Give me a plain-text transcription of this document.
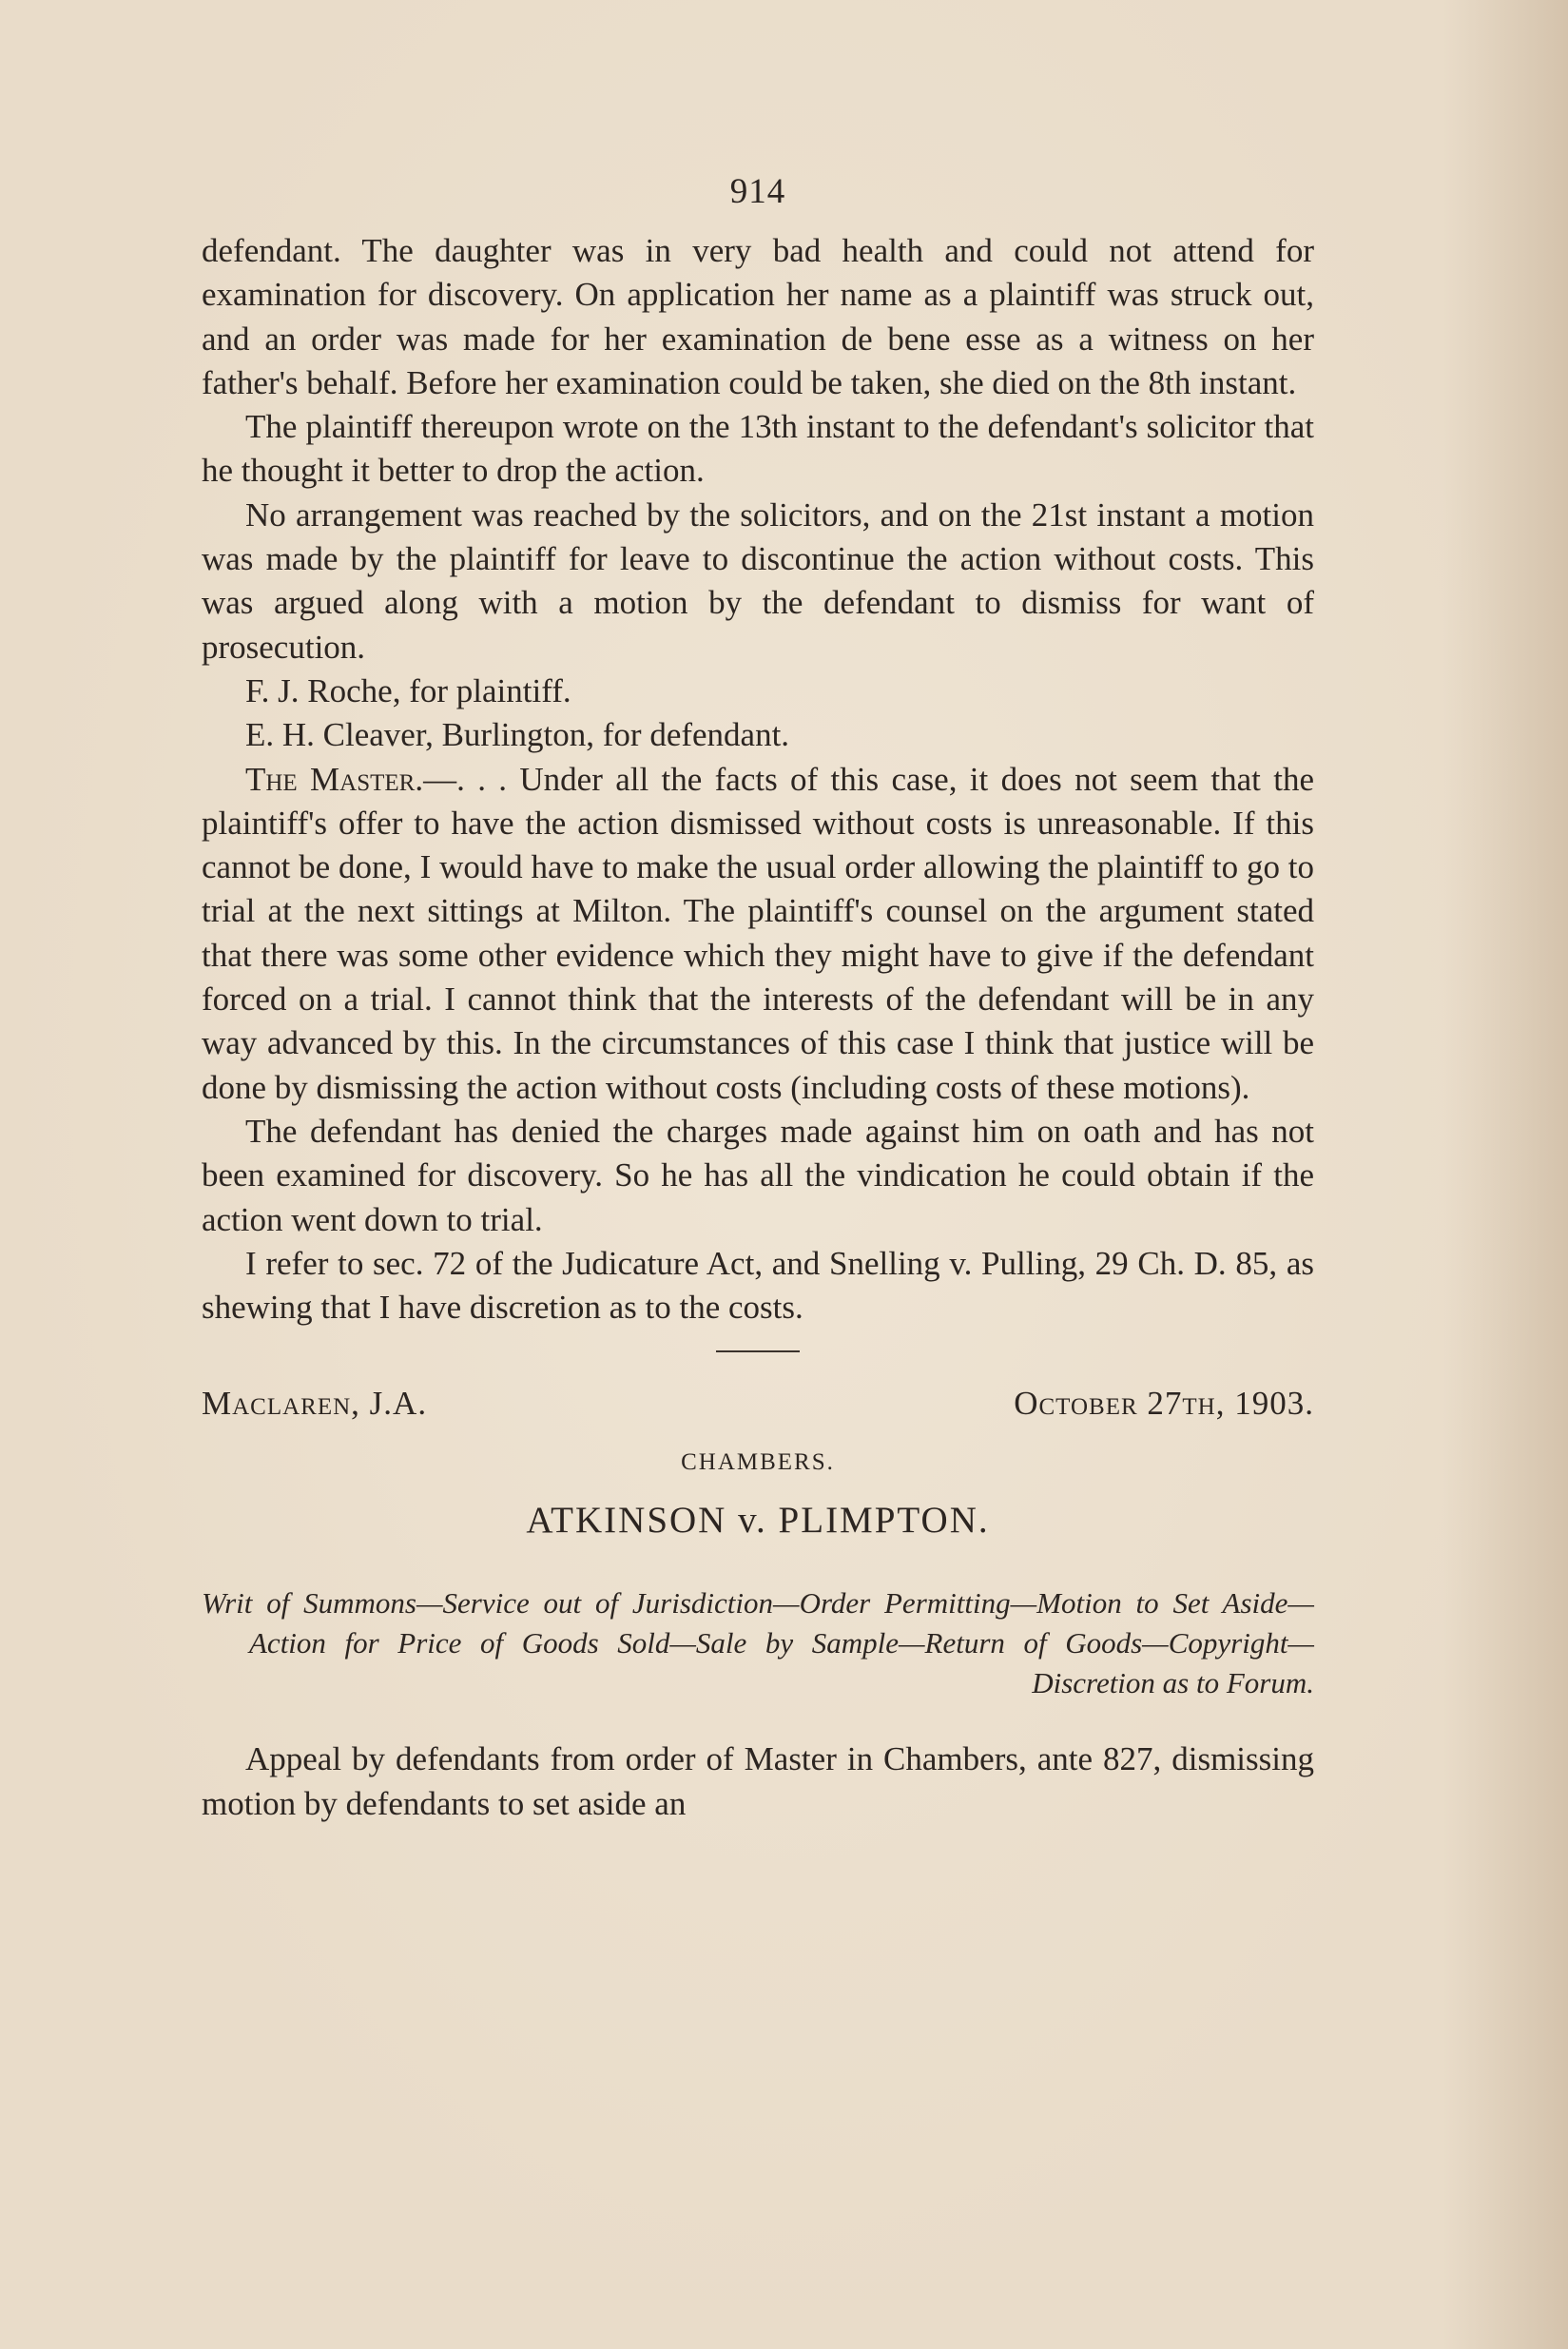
914

defendant. The daughter was in very bad health and could not attend for examination for discovery. On application her name as a plaintiff was struck out, and an order was made for her examination de bene esse as a witness on her father's behalf. Before her examination could be taken, she died on the 8th instant.

The plaintiff thereupon wrote on the 13th instant to the defendant's solicitor that he thought it better to drop the action.

No arrangement was reached by the solicitors, and on the 21st instant a motion was made by the plaintiff for leave to discontinue the action without costs. This was argued along with a motion by the defendant to dismiss for want of prosecution.

F. J. Roche, for plaintiff.

E. H. Cleaver, Burlington, for defendant.

The Master.—. . . Under all the facts of this case, it does not seem that the plaintiff's offer to have the action dismissed without costs is unreasonable. If this cannot be done, I would have to make the usual order allowing the plaintiff to go to trial at the next sittings at Milton. The plaintiff's counsel on the argument stated that there was some other evidence which they might have to give if the defendant forced on a trial. I cannot think that the interests of the defendant will be in any way advanced by this. In the circumstances of this case I think that justice will be done by dismissing the action without costs (including costs of these motions).

The defendant has denied the charges made against him on oath and has not been examined for discovery. So he has all the vindication he could obtain if the action went down to trial.

I refer to sec. 72 of the Judicature Act, and Snelling v. Pulling, 29 Ch. D. 85, as shewing that I have discretion as to the costs.

Maclaren, J.A.	October 27th, 1903.
CHAMBERS.
ATKINSON v. PLIMPTON.

Writ of Summons—Service out of Jurisdiction—Order Permitting—Motion to Set Aside—Action for Price of Goods Sold—Sale by Sample—Return of Goods—Copyright—Discretion as to Forum.

Appeal by defendants from order of Master in Chambers, ante 827, dismissing motion by defendants to set aside an
